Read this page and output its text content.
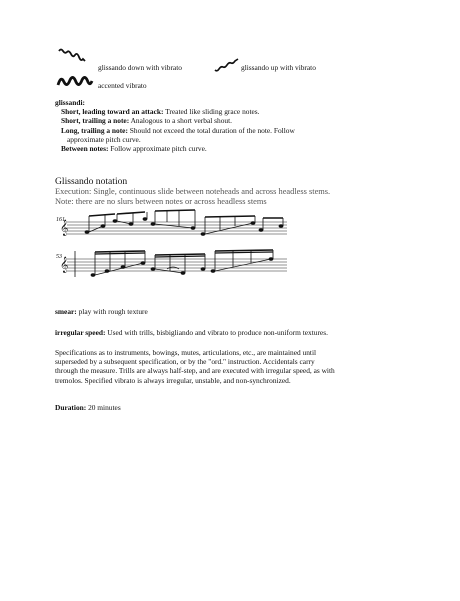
glissando down with vibrato	glissando up with vibrato
accented vibrato
glissandi:
Short, leading toward an attack: Treated like sliding grace notes.
Short, trailing a note: Analogous to a short verbal shout.
Long, trailing a note: Should not exceed the total duration of the note. Follow
approximate pitch curve.
Between notes: Follow approximate pitch curve.
Glissando notation
Execution: Single, continuous slide between noteheads and across headless stems.
Note: there are no slurs between notes or across headless stems
𝄞
161
𝄞
53
smear: play with rough texture
irregular speed: Used with trills, bisbigliando and vibrato to produce non-uniform textures.
Specifications as to instruments, bowings, mutes, articulations, etc., are maintained until
superseded by a subsequent specification, or by the "ord." instruction. Accidentals carry
through the measure. Trills are always half-step, and are executed with irregular speed, as with
tremolos. Specified vibrato is always irregular, unstable, and non-synchronized.
Duration: 20 minutes
